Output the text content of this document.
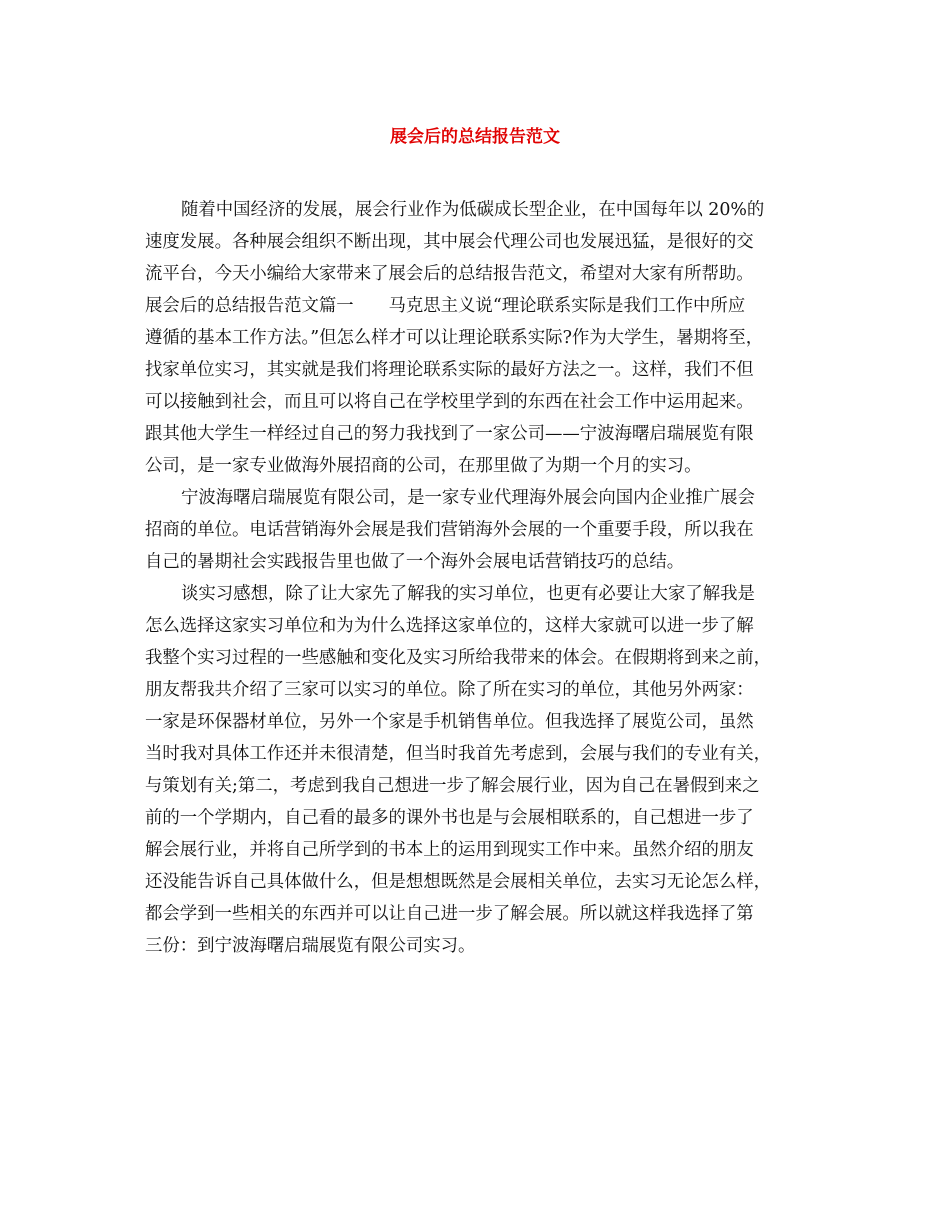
展会后的总结报告范文
随着中国经济的发展，展会行业作为低碳成长型企业，在中国每年以 20%的
速度发展。各种展会组织不断出现，其中展会代理公司也发展迅猛，是很好的交
流平台，今天小编给大家带来了展会后的总结报告范文，希望对大家有所帮助。
展会后的总结报告范文篇一　　马克思主义说“理论联系实际是我们工作中所应
遵循的基本工作方法。”但怎么样才可以让理论联系实际?作为大学生，暑期将至，
找家单位实习，其实就是我们将理论联系实际的最好方法之一。这样，我们不但
可以接触到社会，而且可以将自己在学校里学到的东西在社会工作中运用起来。
跟其他大学生一样经过自己的努力我找到了一家公司——宁波海曙启瑞展览有限
公司，是一家专业做海外展招商的公司，在那里做了为期一个月的实习。
宁波海曙启瑞展览有限公司，是一家专业代理海外展会向国内企业推广展会
招商的单位。电话营销海外会展是我们营销海外会展的一个重要手段，所以我在
自己的暑期社会实践报告里也做了一个海外会展电话营销技巧的总结。
谈实习感想，除了让大家先了解我的实习单位，也更有必要让大家了解我是
怎么选择这家实习单位和为为什么选择这家单位的，这样大家就可以进一步了解
我整个实习过程的一些感触和变化及实习所给我带来的体会。在假期将到来之前，
朋友帮我共介绍了三家可以实习的单位。除了所在实习的单位，其他另外两家：
一家是环保器材单位，另外一个家是手机销售单位。但我选择了展览公司，虽然
当时我对具体工作还并未很清楚，但当时我首先考虑到，会展与我们的专业有关，
与策划有关;第二，考虑到我自己想进一步了解会展行业，因为自己在暑假到来之
前的一个学期内，自己看的最多的课外书也是与会展相联系的，自己想进一步了
解会展行业，并将自己所学到的书本上的运用到现实工作中来。虽然介绍的朋友
还没能告诉自己具体做什么，但是想想既然是会展相关单位，去实习无论怎么样，
都会学到一些相关的东西并可以让自己进一步了解会展。所以就这样我选择了第
三份：到宁波海曙启瑞展览有限公司实习。
